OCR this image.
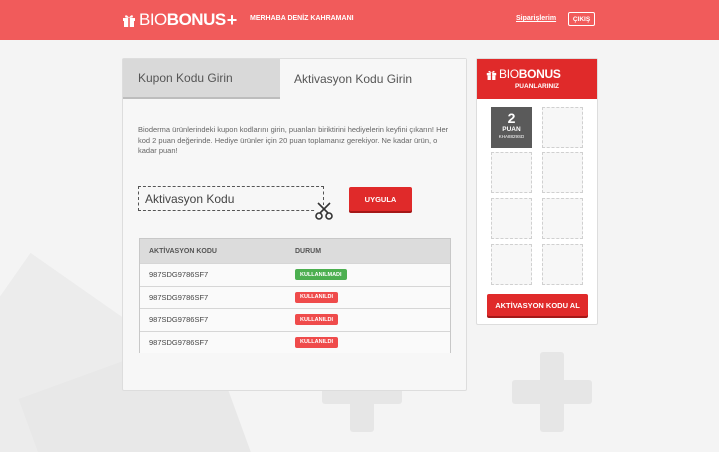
BIO BONUS + MERHABA DENİZ KAHRAMANI	Siparişlerim	ÇIKIŞ
Kupon Kodu Girin	Aktivasyon Kodu Girin
Bioderma ürünlerindeki kupon kodlarını girin, puanları biriktirini hediyelerin keyfini çıkarın! Her kod 2 puan değerinde. Hediye ürünler için 20 puan toplamanız gerekiyor. Ne kadar ürün, o kadar puan!
Aktivasyon Kodu
UYGULA
AKTİVASYON KODU	DURUM
987SDG9786SF7	KULLANILMADI
987SDG9786SF7	KULLANILDI
987SDG9786SF7	KULLANILDI
987SDG9786SF7	KULLANILDI
BIO BONUS
PUANLARINIZ
2
PUAN
KHA8829SD
AKTİVASYON KODU AL
